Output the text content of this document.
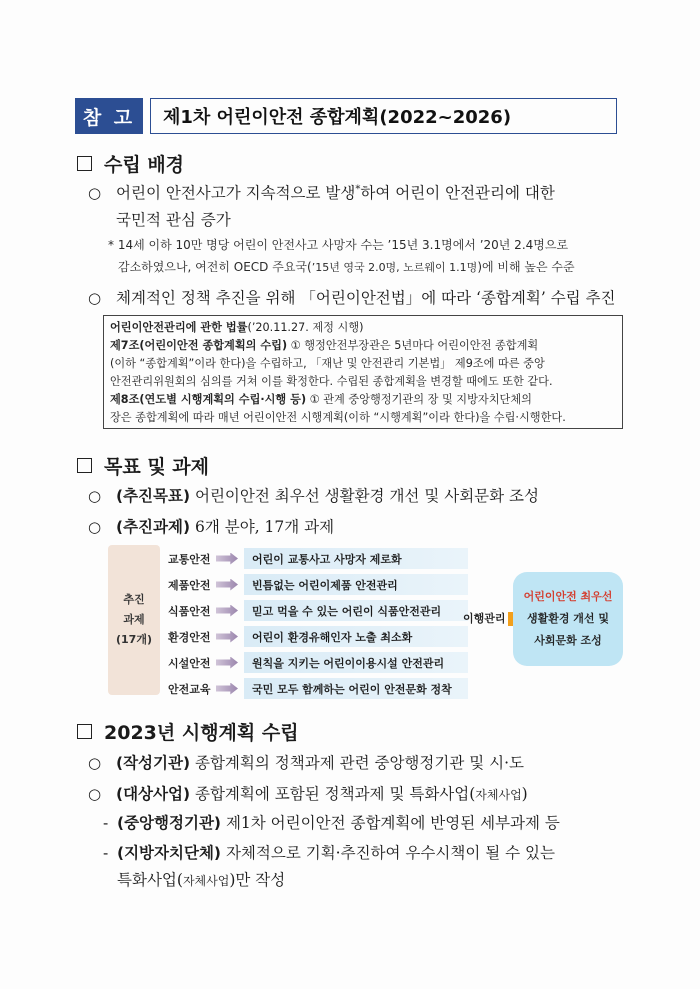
참 고	제1차 어린이안전 종합계획(2022~2026)
수립 배경
○ 어린이 안전사고가 지속적으로 발생*하여 어린이 안전관리에 대한
국민적 관심 증가
* 14세 이하 10만 명당 어린이 안전사고 사망자 수는 ’15년 3.1명에서 ’20년 2.4명으로
감소하였으나, 여전히 OECD 주요국(’15년 영국 2.0명, 노르웨이 1.1명)에 비해 높은 수준
○ 체계적인 정책 추진을 위해 「어린이안전법」에 따라 ‘종합계획’ 수립 추진
어린이안전관리에 관한 법률(’20.11.27. 제정 시행)
제7조(어린이안전 종합계획의 수립) ① 행정안전부장관은 5년마다 어린이안전 종합계획
(이하 “종합계획”이라 한다)을 수립하고, 「재난 및 안전관리 기본법」 제9조에 따른 중앙
안전관리위원회의 심의를 거쳐 이를 확정한다. 수립된 종합계획을 변경할 때에도 또한 같다.
제8조(연도별 시행계획의 수립·시행 등) ① 관계 중앙행정기관의 장 및 지방자치단체의
장은 종합계획에 따라 매년 어린이안전 시행계획(이하 “시행계획”이라 한다)을 수립·시행한다.
목표 및 과제
○ (추진목표) 어린이안전 최우선 생활환경 개선 및 사회문화 조성
○ (추진과제) 6개 분야, 17개 과제
추진
과제
(17개)
교통안전	어린이 교통사고 사망자 제로화
제품안전	빈틈없는 어린이제품 안전관리
식품안전	믿고 먹을 수 있는 어린이 식품안전관리
환경안전	어린이 환경유해인자 노출 최소화
시설안전	원칙을 지키는 어린이이용시설 안전관리
안전교육	국민 모두 함께하는 어린이 안전문화 정착
이행관리
어린이안전 최우선
생활환경 개선 및
사회문화 조성
2023년 시행계획 수립
○ (작성기관) 종합계획의 정책과제 관련 중앙행정기관 및 시·도
○ (대상사업) 종합계획에 포함된 정책과제 및 특화사업(자체사업)
- (중앙행정기관) 제1차 어린이안전 종합계획에 반영된 세부과제 등
- (지방자치단체) 자체적으로 기획·추진하여 우수시책이 될 수 있는
특화사업(자체사업)만 작성
